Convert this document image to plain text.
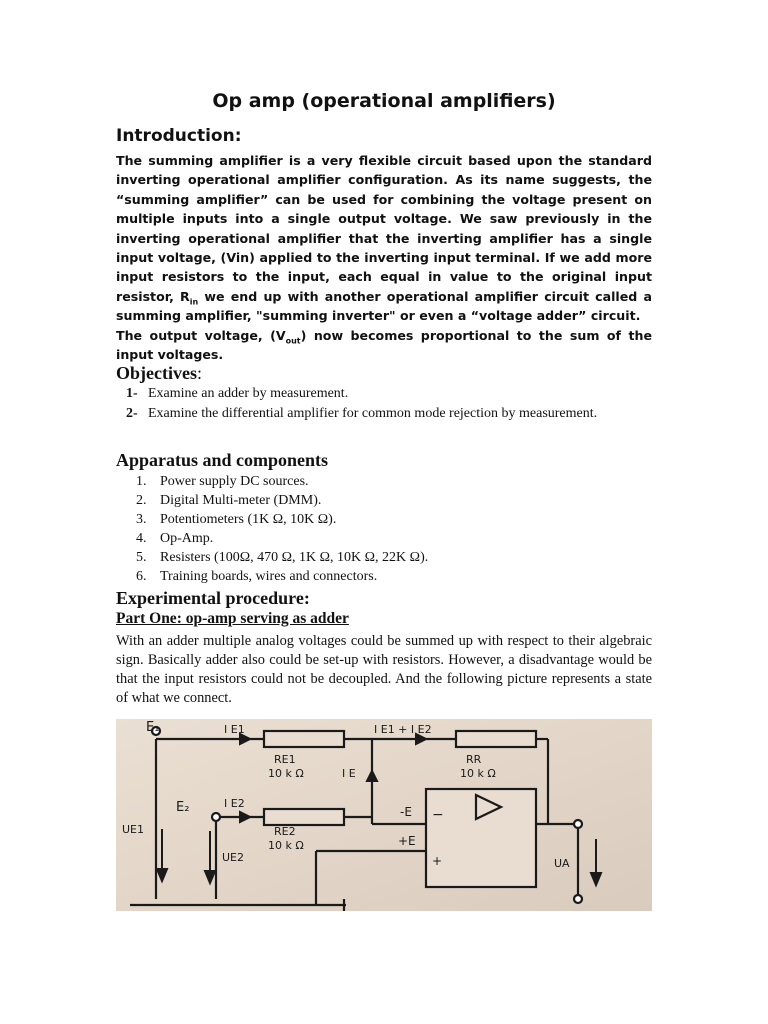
Op amp (operational amplifiers)
Introduction:

The summing amplifier is a very flexible circuit based upon the standard inverting operational amplifier configuration. As its name suggests, the “summing amplifier” can be used for combining the voltage present on multiple inputs into a single output voltage. We saw previously in the inverting operational amplifier that the inverting amplifier has a single input voltage, (Vin) applied to the inverting input terminal. If we add more input resistors to the input, each equal in value to the original input resistor, $R_{in}$ we end up with another operational amplifier circuit called a summing amplifier, "summing inverter" or even a “voltage adder” circuit.

The output voltage, $(V_{out})$ now becomes proportional to the sum of the input voltages.

Objectives:
1- Examine an adder by measurement.
2- Examine the differential amplifier for common mode rejection by measurement.
Apparatus and components
1. Power supply DC sources.
2. Digital Multi-meter (DMM).
3. Potentiometers (1K Ω, 10K Ω).
4. Op-Amp.
5. Resisters (100Ω, 470 Ω, 1K Ω, 10K Ω, 22K Ω).
6. Training boards, wires and connectors.
Experimental procedure:
Part One: op-amp serving as adder

With an adder multiple analog voltages could be summed up with respect to their algebraic sign. Basically adder also could be set-up with resistors. However, a disadvantage would be that the input resistors could not be decoupled. And the following picture represents a state of what we connect.

E₁	I E1	I E1 + I E2
RE1
10 k Ω	I E
RR
10 k Ω
E₂	I E2
-E
RE2
10 k Ω	+E
UE1
UE2	UA
−
+
